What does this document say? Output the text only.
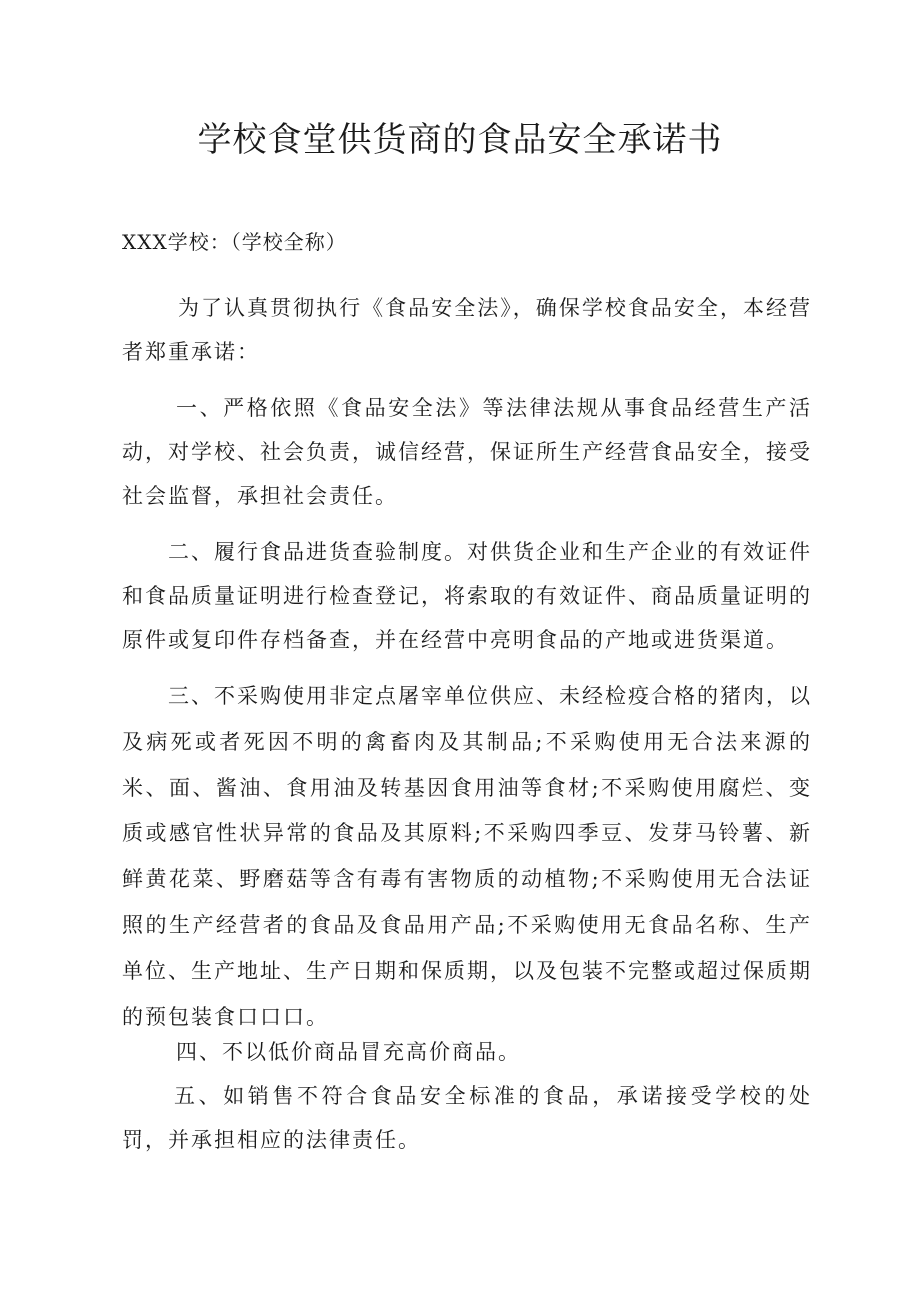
学校食堂供货商的食品安全承诺书

XXX学校：（学校全称）

为了认真贯彻执行《食品安全法》，确保学校食品安全，本经营者郑重承诺：

一、严格依照《食品安全法》等法律法规从事食品经营生产活动，对学校、社会负责，诚信经营，保证所生产经营食品安全，接受社会监督，承担社会责任。

二、履行食品进货查验制度。对供货企业和生产企业的有效证件和食品质量证明进行检查登记，将索取的有效证件、商品质量证明的原件或复印件存档备查，并在经营中亮明食品的产地或进货渠道。

三、不采购使用非定点屠宰单位供应、未经检疫合格的猪肉，以及病死或者死因不明的禽畜肉及其制品;不采购使用无合法来源的米、面、酱油、食用油及转基因食用油等食材;不采购使用腐烂、变质或感官性状异常的食品及其原料;不采购四季豆、发芽马铃薯、新鲜黄花菜、野磨菇等含有毒有害物质的动植物;不采购使用无合法证照的生产经营者的食品及食品用产品;不采购使用无食品名称、生产单位、生产地址、生产日期和保质期，以及包装不完整或超过保质期的预包装食口口口。

四、不以低价商品冒充高价商品。

五、如销售不符合食品安全标准的食品，承诺接受学校的处罚，并承担相应的法律责任。
